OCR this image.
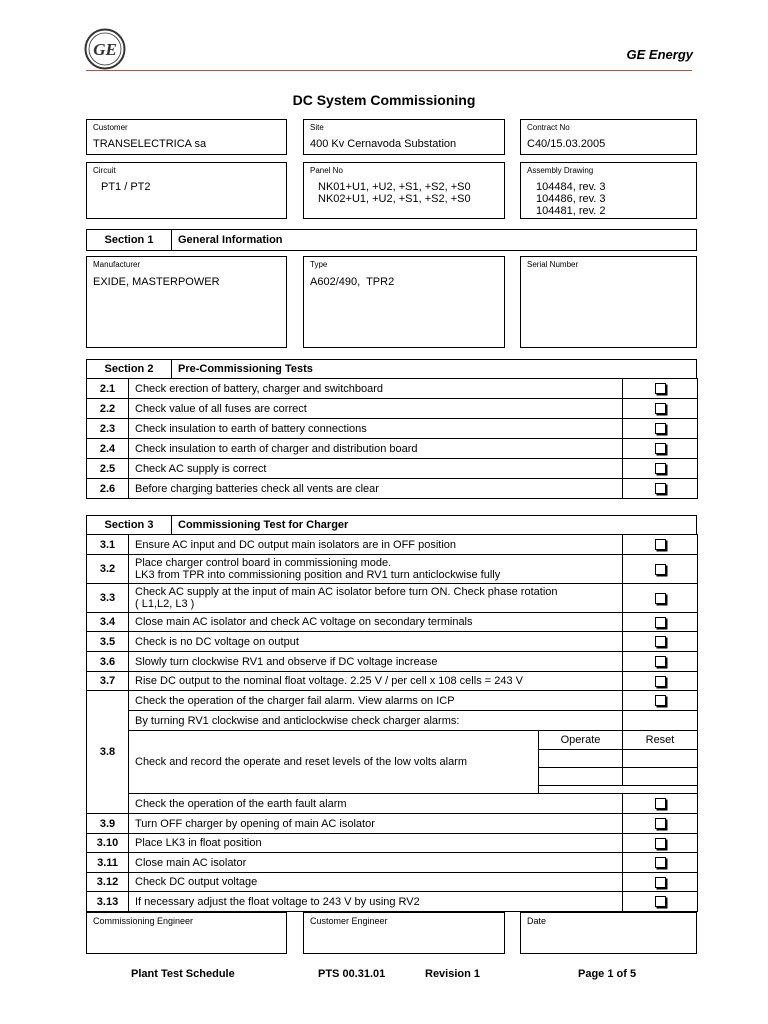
GE	GE Energy
DC System Commissioning
Customer
TRANSELECTRICA sa
Site
400 Kv Cernavoda Substation
Contract No
C40/15.03.2005
Circuit
PT1 / PT2
Panel No
NK01+U1, +U2, +S1, +S2, +S0
NK02+U1, +U2, +S1, +S2, +S0
Assembly Drawing
104484, rev. 3
104486, rev. 3
104481, rev. 2
Section 1	General Information
Manufacturer
EXIDE, MASTERPOWER
Type
A602/490,  TPR2
Serial Number
Section 2	Pre-Commissioning Tests
2.1	Check erection of battery, charger and switchboard	
2.2	Check value of all fuses are correct	
2.3	Check insulation to earth of battery connections	
2.4	Check insulation to earth of charger and distribution board	
2.5	Check AC supply is correct	
2.6	Before charging batteries check all vents are clear	
Section 3	Commissioning Test for Charger
3.1	Ensure AC input and DC output main isolators are in OFF position		
3.2	Place charger control board in commissioning mode.
LK3 from TPR into commissioning position and RV1 turn anticlockwise fully		

3.3	Check AC supply at the input of main AC isolator before turn ON. Check phase rotation
( L1,L2, L3 )		

3.4	Close main AC isolator and check AC voltage on secondary terminals		
3.5	Check is no DC voltage on output		
3.6	Slowly turn clockwise RV1 and observe if DC voltage increase		
3.7	Rise DC output to the nominal float voltage. 2.25 V / per cell x 108 cells = 243 V		
3.8	Check the operation of the charger fail alarm. View alarms on ICP		
	By turning RV1 clockwise and anticlockwise check charger alarms:		
	Check and record the operate and reset levels of the low volts alarm	Operate	Reset

	Check the operation of the earth fault alarm		
3.9	Turn OFF charger by opening of main AC isolator		
3.10	Place LK3 in float position		
3.11	Close main AC isolator		
3.12	Check DC output voltage		
3.13	If necessary adjust the float voltage to 243 V by using RV2		
Commissioning Engineer	Customer Engineer	Date
Plant Test Schedule	PTS 00.31.01	Revision 1	Page 1 of 5
